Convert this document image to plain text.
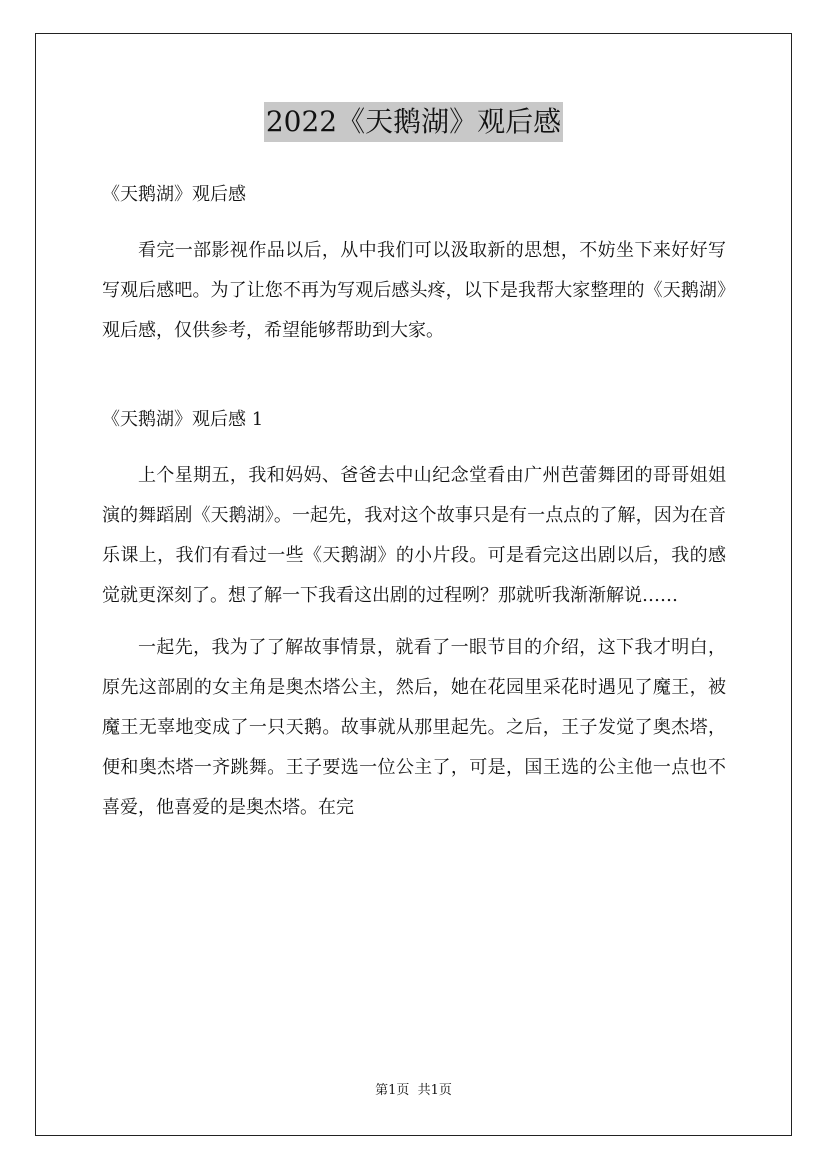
2022《天鹅湖》观后感

《天鹅湖》观后感

看完一部影视作品以后，从中我们可以汲取新的思想，不妨坐下来好好写写观后感吧。为了让您不再为写观后感头疼，以下是我帮大家整理的《天鹅湖》观后感，仅供参考，希望能够帮助到大家。

《天鹅湖》观后感 1

上个星期五，我和妈妈、爸爸去中山纪念堂看由广州芭蕾舞团的哥哥姐姐演的舞蹈剧《天鹅湖》。一起先，我对这个故事只是有一点点的了解，因为在音乐课上，我们有看过一些《天鹅湖》的小片段。可是看完这出剧以后，我的感觉就更深刻了。想了解一下我看这出剧的过程咧？那就听我渐渐解说……

一起先，我为了了解故事情景，就看了一眼节目的介绍，这下我才明白，原先这部剧的女主角是奥杰塔公主，然后，她在花园里采花时遇见了魔王，被魔王无辜地变成了一只天鹅。故事就从那里起先。之后，王子发觉了奥杰塔，便和奥杰塔一齐跳舞。王子要选一位公主了，可是，国王选的公主他一点也不喜爱，他喜爱的是奥杰塔。在完

第1页  共1页
